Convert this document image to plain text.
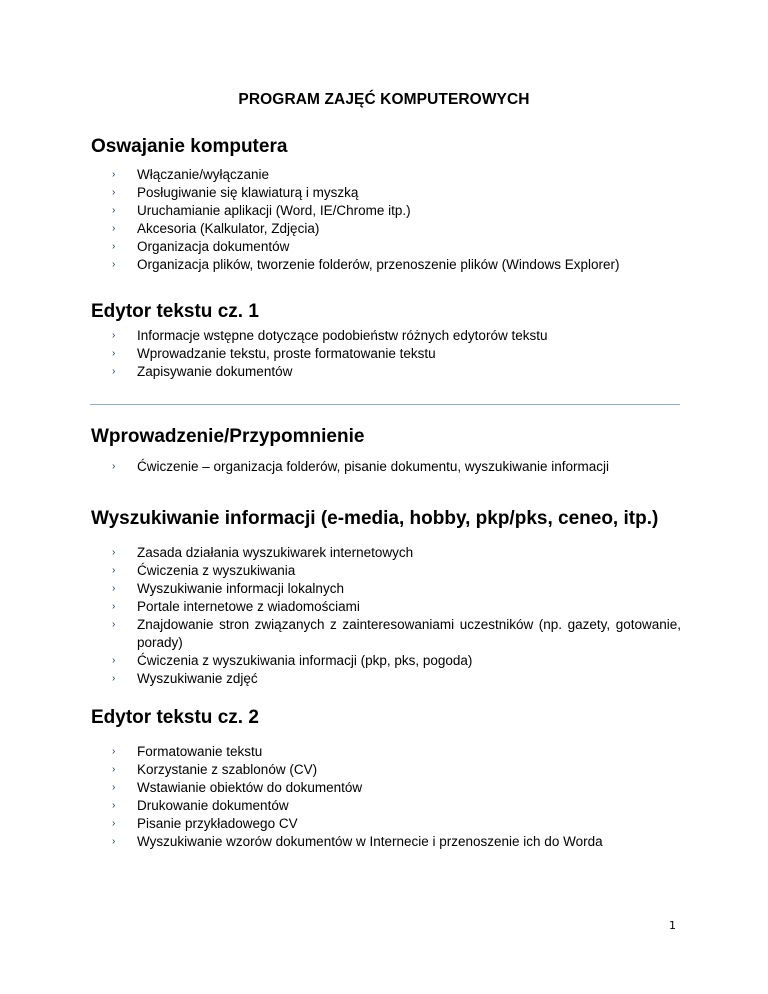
PROGRAM ZAJĘĆ KOMPUTEROWYCH
Oswajanie komputera
› Włączanie/wyłączanie
› Posługiwanie się klawiaturą i myszką
› Uruchamianie aplikacji (Word, IE/Chrome itp.)
› Akcesoria (Kalkulator, Zdjęcia)
› Organizacja dokumentów
› Organizacja plików, tworzenie folderów, przenoszenie plików (Windows Explorer)
Edytor tekstu cz. 1
› Informacje wstępne dotyczące podobieństw różnych edytorów tekstu
› Wprowadzanie tekstu, proste formatowanie tekstu
› Zapisywanie dokumentów
Wprowadzenie/Przypomnienie
› Ćwiczenie – organizacja folderów, pisanie dokumentu, wyszukiwanie informacji
Wyszukiwanie informacji (e-media, hobby, pkp/pks, ceneo, itp.)
› Zasada działania wyszukiwarek internetowych
› Ćwiczenia z wyszukiwania
› Wyszukiwanie informacji lokalnych
› Portale internetowe z wiadomościami
› Znajdowanie stron związanych z zainteresowaniami uczestników (np. gazety, gotowanie, porady)
› Ćwiczenia z wyszukiwania informacji (pkp, pks, pogoda)
› Wyszukiwanie zdjęć
Edytor tekstu cz. 2
› Formatowanie tekstu
› Korzystanie z szablonów (CV)
› Wstawianie obiektów do dokumentów
› Drukowanie dokumentów
› Pisanie przykładowego CV
› Wyszukiwanie wzorów dokumentów w Internecie i przenoszenie ich do Worda
1
